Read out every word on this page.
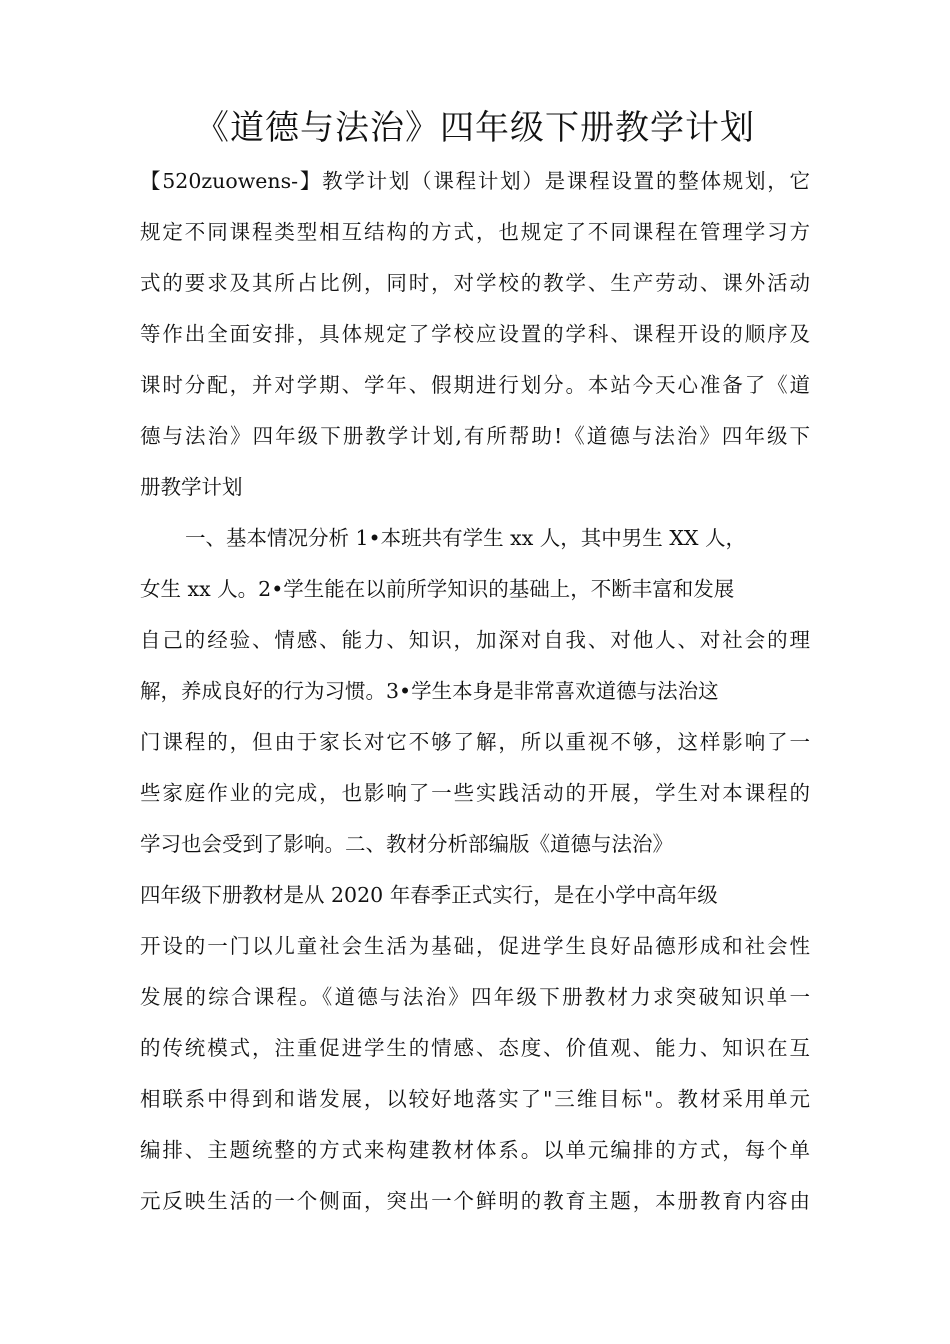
《道德与法治》四年级下册教学计划
【520zuowens-】教学计划（课程计划）是课程设置的整体规划，它
规定不同课程类型相互结构的方式，也规定了不同课程在管理学习方
式的要求及其所占比例，同时，对学校的教学、生产劳动、课外活动
等作出全面安排，具体规定了学校应设置的学科、课程开设的顺序及
课时分配，并对学期、学年、假期进行划分。本站今天心准备了《道
德与法治》四年级下册教学计划,有所帮助!《道德与法治》四年级下
册教学计划
一、基本情况分析 1•本班共有学生 xx 人，其中男生 XX 人，
女生 xx 人。2•学生能在以前所学知识的基础上，不断丰富和发展
自己的经验、情感、能力、知识，加深对自我、对他人、对社会的理
解，养成良好的行为习惯。3•学生本身是非常喜欢道德与法治这
门课程的，但由于家长对它不够了解，所以重视不够，这样影响了一
些家庭作业的完成，也影响了一些实践活动的开展，学生对本课程的
学习也会受到了影响。二、教材分析部编版《道德与法治》
四年级下册教材是从 2020 年春季正式实行，是在小学中高年级
开设的一门以儿童社会生活为基础，促进学生良好品德形成和社会性
发展的综合课程。《道德与法治》四年级下册教材力求突破知识单一
的传统模式，注重促进学生的情感、态度、价值观、能力、知识在互
相联系中得到和谐发展，以较好地落实了"三维目标"。教材采用单元
编排、主题统整的方式来构建教材体系。以单元编排的方式，每个单
元反映生活的一个侧面，突出一个鲜明的教育主题，本册教育内容由
